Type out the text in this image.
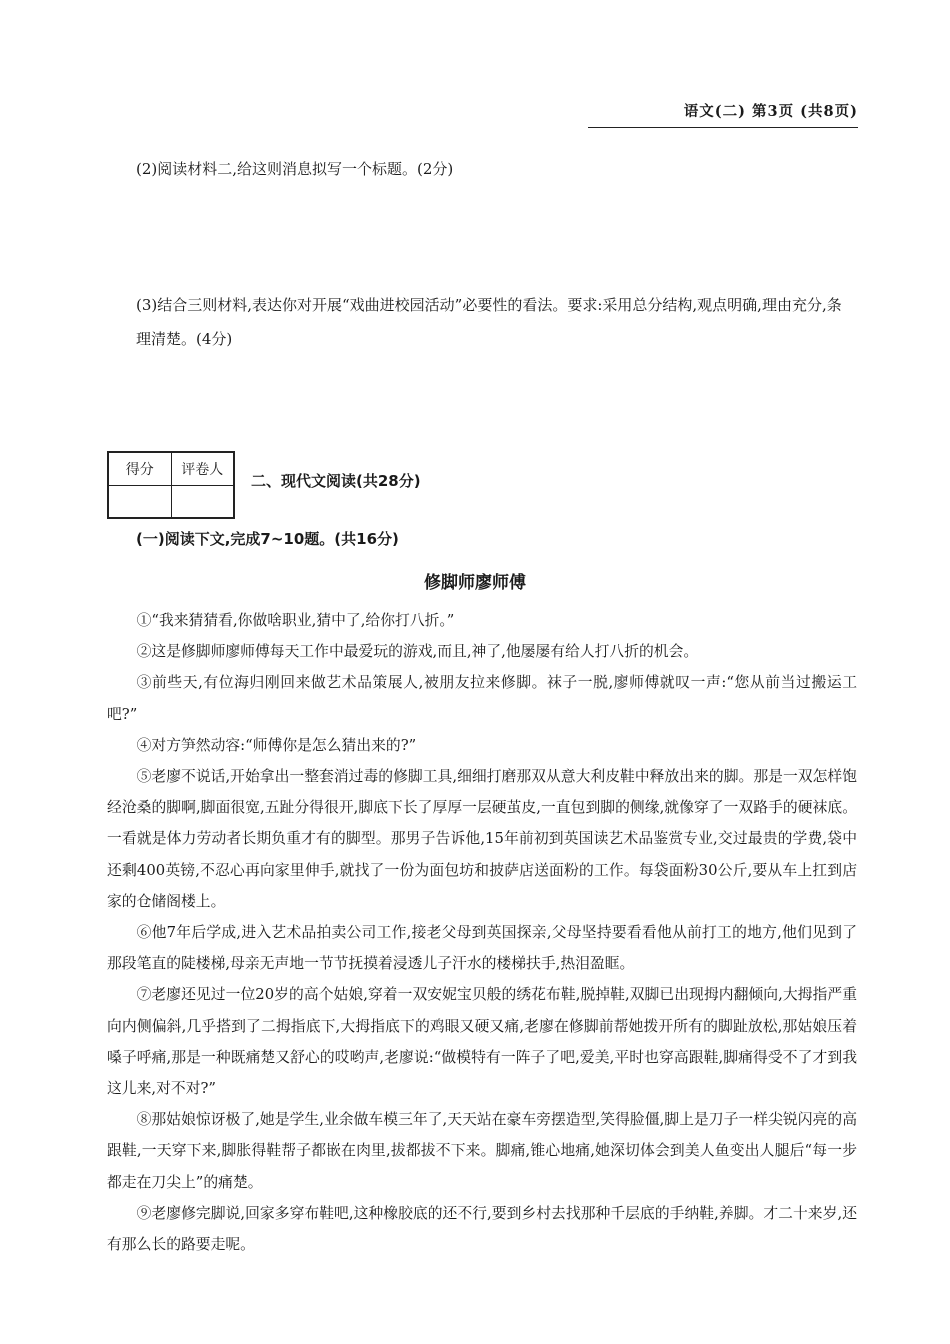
语文(二) 第3页 (共8页)
(2)阅读材料二,给这则消息拟写一个标题。(2分)
(3)结合三则材料,表达你对开展“戏曲进校园活动”必要性的看法。要求:采用总分结构,观点明确,理由充分,条理清楚。(4分)
得分	评卷人

二、现代文阅读(共28分)
(一)阅读下文,完成7~10题。(共16分)
修脚师廖师傅

①“我来猜猜看,你做啥职业,猜中了,给你打八折。”

②这是修脚师廖师傅每天工作中最爱玩的游戏,而且,神了,他屡屡有给人打八折的机会。

③前些天,有位海归刚回来做艺术品策展人,被朋友拉来修脚。袜子一脱,廖师傅就叹一声:“您从前当过搬运工吧?”

④对方笋然动容:“师傅你是怎么猜出来的?”

⑤老廖不说话,开始拿出一整套消过毒的修脚工具,细细打磨那双从意大利皮鞋中释放出来的脚。那是一双怎样饱经沧桑的脚啊,脚面很宽,五趾分得很开,脚底下长了厚厚一层硬茧皮,一直包到脚的侧缘,就像穿了一双路手的硬袜底。一看就是体力劳动者长期负重才有的脚型。那男子告诉他,15年前初到英国读艺术品鉴赏专业,交过最贵的学费,袋中还剩400英镑,不忍心再向家里伸手,就找了一份为面包坊和披萨店送面粉的工作。每袋面粉30公斤,要从车上扛到店家的仓储阁楼上。

⑥他7年后学成,进入艺术品拍卖公司工作,接老父母到英国探亲,父母坚持要看看他从前打工的地方,他们见到了那段笔直的陡楼梯,母亲无声地一节节抚摸着浸透儿子汗水的楼梯扶手,热泪盈眶。

⑦老廖还见过一位20岁的高个姑娘,穿着一双安妮宝贝般的绣花布鞋,脱掉鞋,双脚已出现拇内翻倾向,大拇指严重向内侧偏斜,几乎搭到了二拇指底下,大拇指底下的鸡眼又硬又痛,老廖在修脚前帮她拨开所有的脚趾放松,那姑娘压着嗓子呼痛,那是一种既痛楚又舒心的哎哟声,老廖说:“做模特有一阵子了吧,爱美,平时也穿高跟鞋,脚痛得受不了才到我这儿来,对不对?”

⑧那姑娘惊讶极了,她是学生,业余做车模三年了,天天站在豪车旁摆造型,笑得脸僵,脚上是刀子一样尖锐闪亮的高跟鞋,一天穿下来,脚胀得鞋帮子都嵌在肉里,拔都拔不下来。脚痛,锥心地痛,她深切体会到美人鱼变出人腿后“每一步都走在刀尖上”的痛楚。

⑨老廖修完脚说,回家多穿布鞋吧,这种橡胶底的还不行,要到乡村去找那种千层底的手纳鞋,养脚。才二十来岁,还有那么长的路要走呢。
